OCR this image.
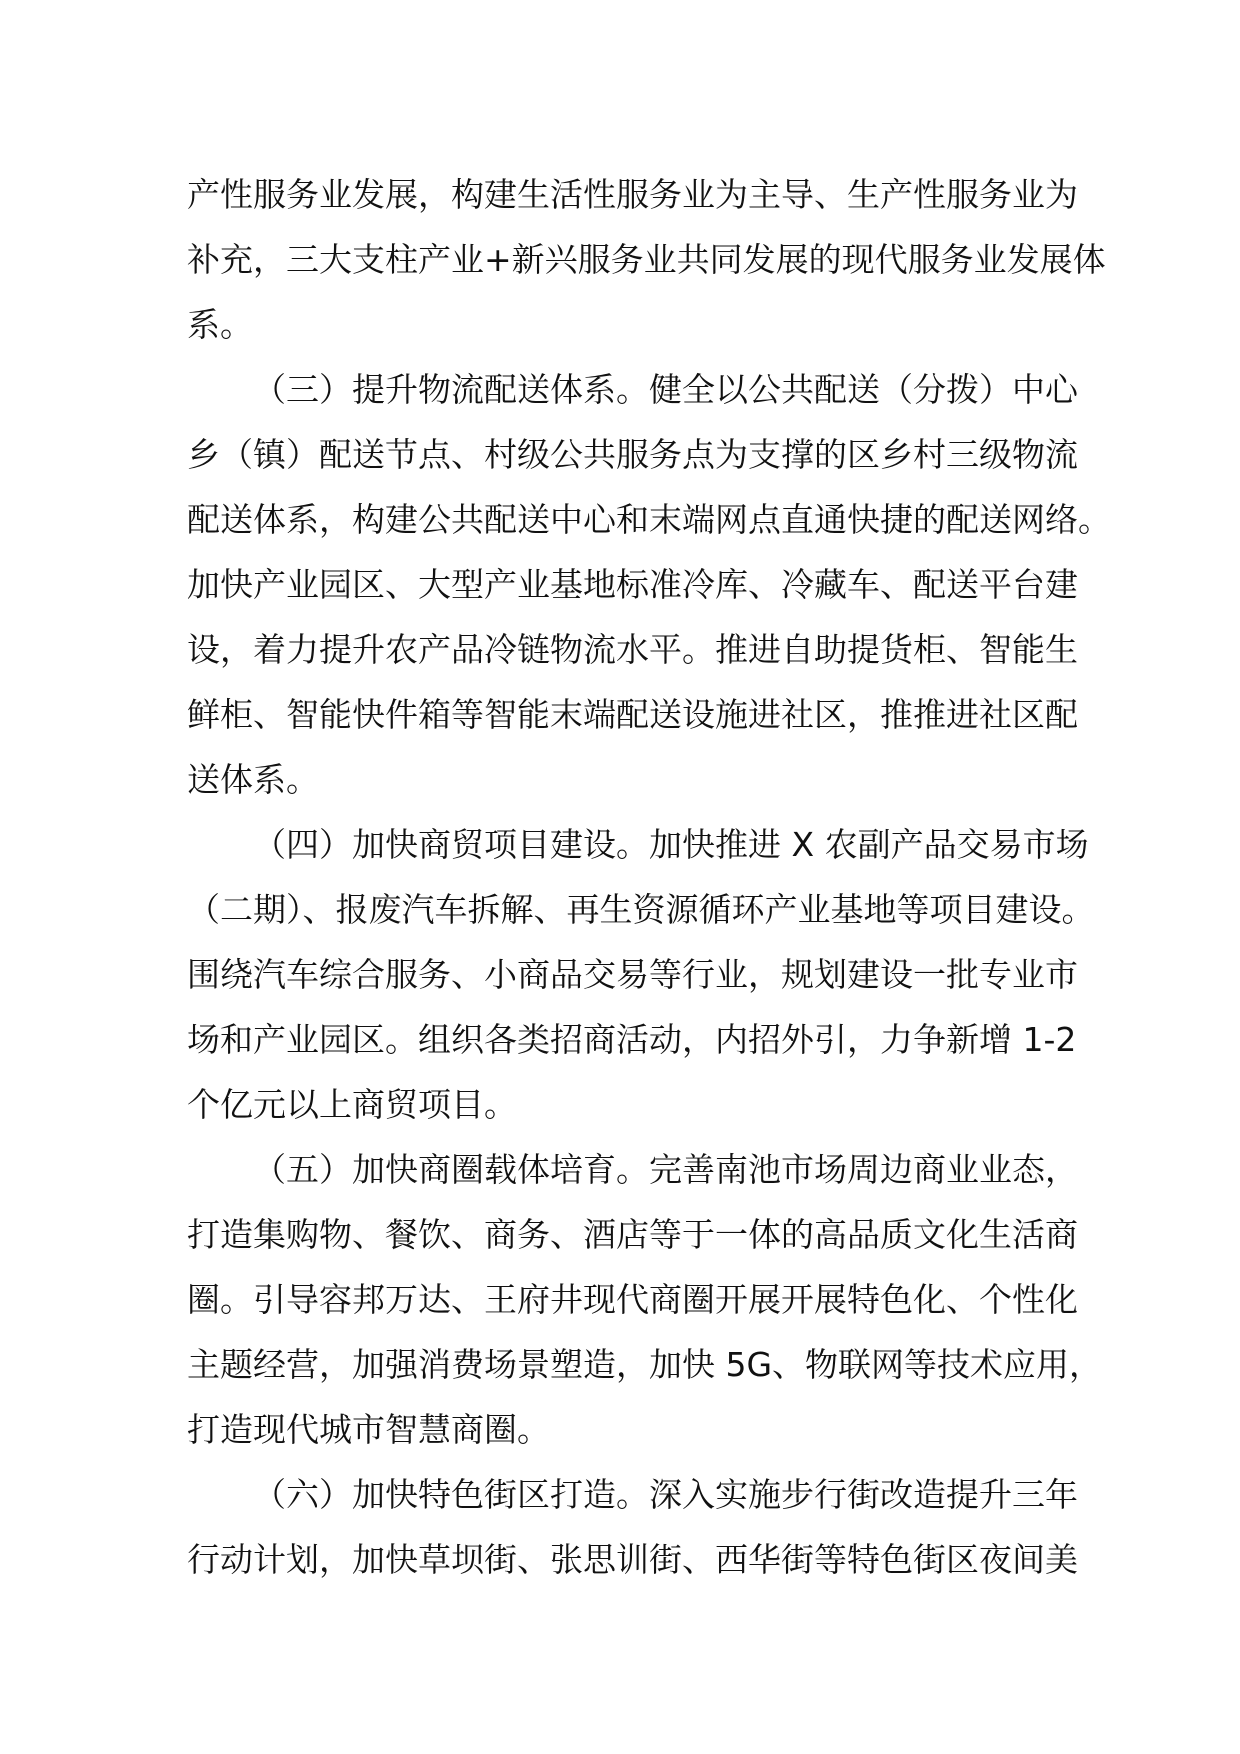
产性服务业发展，构建生活性服务业为主导、生产性服务业为
补充，三大支柱产业+新兴服务业共同发展的现代服务业发展体
系。
（三）提升物流配送体系。健全以公共配送（分拨）中心
乡（镇）配送节点、村级公共服务点为支撑的区乡村三级物流
配送体系，构建公共配送中心和末端网点直通快捷的配送网络。
加快产业园区、大型产业基地标准冷库、冷藏车、配送平台建
设，着力提升农产品冷链物流水平。推进自助提货柜、智能生
鲜柜、智能快件箱等智能末端配送设施进社区，推推进社区配
送体系。
（四）加快商贸项目建设。加快推进 X 农副产品交易市场
（二期）、报废汽车拆解、再生资源循环产业基地等项目建设。
围绕汽车综合服务、小商品交易等行业，规划建设一批专业市
场和产业园区。组织各类招商活动，内招外引，力争新增 1-2
个亿元以上商贸项目。
（五）加快商圈载体培育。完善南池市场周边商业业态，
打造集购物、餐饮、商务、酒店等于一体的高品质文化生活商
圈。引导容邦万达、王府井现代商圈开展开展特色化、个性化
主题经营，加强消费场景塑造，加快 5G、物联网等技术应用，
打造现代城市智慧商圈。
（六）加快特色街区打造。深入实施步行街改造提升三年
行动计划，加快草坝街、张思训街、西华街等特色街区夜间美
